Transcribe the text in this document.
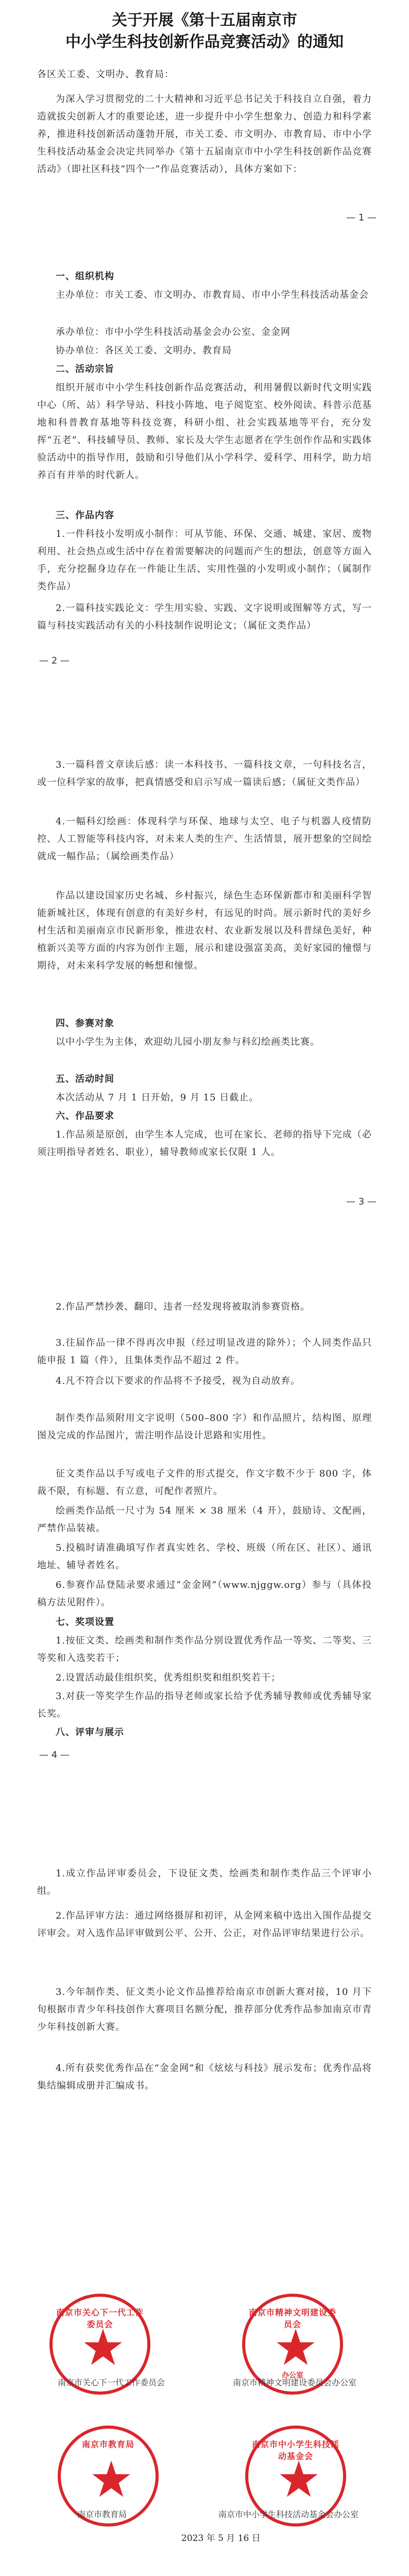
关于开展《第十五届南京市
中小学生科技创新作品竞赛活动》的通知

各区关工委、文明办、教育局：

为深入学习贯彻党的二十大精神和习近平总书记关于科技自立自强，着力造就拔尖创新人才的重要论述，进一步提升中小学生想象力、创造力和科学素养，推进科技创新活动蓬勃开展，市关工委、市文明办、市教育局、市中小学生科技活动基金会决定共同举办《第十五届南京市中小学生科技创新作品竞赛活动》（即社区科技“四个一”作品竞赛活动），具体方案如下：

— 1 —

一、组织机构

主办单位：市关工委、市文明办、市教育局、市中小学生科技活动基金会

承办单位：市中小学生科技活动基金会办公室、金金网

协办单位：各区关工委、文明办、教育局

二、活动宗旨

组织开展市中小学生科技创新作品竞赛活动，利用暑假以新时代文明实践中心（所、站）科学导站、科技小阵地、电子阅览室、校外阅读、科普示范基地和科普教育基地等科技竞赛，科研小组、社会实践基地等平台，充分发挥“五老”、科技辅导员、教师、家长及大学生志愿者在学生创作作品和实践体验活动中的指导作用，鼓励和引导他们从小学科学、爱科学、用科学，助力培养百有并举的时代新人。

三、作品内容

1.一件科技小发明或小制作：可从节能、环保、交通、城建、家居、废物利用、社会热点或生活中存在着需要解决的问题而产生的想法，创意等方面入手，充分挖掘身边存在一件能让生活、实用性强的小发明或小制作；（属制作类作品）

2.一篇科技实践论文：学生用实验、实践、文字说明或图解等方式，写一篇与科技实践活动有关的小科技制作说明论文；（属征文类作品）

— 2 —

3.一篇科普文章读后感：读一本科技书、一篇科技文章，一句科技名言，或一位科学家的故事，把真情感受和启示写成一篇读后感；（属征文类作品）

4.一幅科幻绘画：体现科学与环保、地球与太空、电子与机器人疫情防控、人工智能等科技内容，对未来人类的生产、生活情景，展开想象的空间绘就成一幅作品；（属绘画类作品）

作品以建设国家历史名城、乡村振兴，绿色生态环保新都市和美丽科学智能新城社区，体现有创意的有美好乡村，有远见的时尚。展示新时代的美好乡村生活和美丽南京市民新形象，推进农村、农业新发展以及科普绿色美好，种植新兴美等方面的内容为创作主题，展示和建设强富美高，美好家园的憧憬与期待，对未来科学发展的畅想和憧憬。

四、参赛对象

以中小学生为主体，欢迎幼儿园小朋友参与科幻绘画类比赛。

五、活动时间

本次活动从 7 月 1 日开始，9 月 15 日截止。

六、作品要求

1.作品须是原创，由学生本人完成，也可在家长、老师的指导下完成（必须注明指导者姓名、职业），辅导教师或家长仅限 1 人。

— 3 —

2.作品严禁抄袭、翻印、违者一经发现将被取消参赛资格。

3.往届作品一律不得再次申报（经过明显改进的除外）；个人同类作品只能申报 1 篇（件），且集体类作品不超过 2 件。

4.凡不符合以下要求的作品将不予接受，视为自动放弃。

制作类作品须附用文字说明（500–800 字）和作品照片，结构图、原理图及完成的作品图片，需注明作品设计思路和实用性。

征文类作品以手写或电子文件的形式提交，作文字数不少于 800 字，体裁不限，有标题、有立意，可配作者照片。

绘画类作品纸一尺寸为 54 厘米 × 38 厘米（4 开），鼓励诗、文配画，严禁作品装裱。

5.投稿时请准确填写作者真实姓名、学校、班级（所在区、社区）、通讯地址、辅导者姓名。

6.参赛作品登陆录要求通过“金金网”（www.njggw.org）参与（具体投稿方法见附件）。

七、奖项设置

1.按征文类、绘画类和制作类作品分别设置优秀作品一等奖、二等奖、三等奖和入选奖若干；

2.设置活动最佳组织奖，优秀组织奖和组织奖若干；

3.对获一等奖学生作品的指导老师或家长给予优秀辅导教师或优秀辅导家长奖。

八、评审与展示

— 4 —

1.成立作品评审委员会，下设征文类、绘画类和制作类作品三个评审小组。

2.作品评审方法：通过网络摄屏和初评，从金网来稿中选出入围作品提交评审会。对入选作品评审做到公平、公开、公正，对作品评审结果进行公示。

3.今年制作类、征文类小论文作品推荐给南京市创新大赛对接，10 月下旬根据市青少年科技创作大赛项目名额分配，推荐部分优秀作品参加南京市青少年科技创新大赛。

4.所有获奖优秀作品在“金金网”和《炫炫与科技》展示发布；优秀作品将集结编辑成册并汇编成书。

南京市关心下一代工作委员会
南京市精神文明建设委员会
办公室
南京市关心下一代工作委员会	南京市精神文明建设委员会办公室
南京市教育局	南京市中小学生科技活动基金会
南京市教育局	南京市中小学生科技活动基金会办公室
2023 年 5 月 16 日
